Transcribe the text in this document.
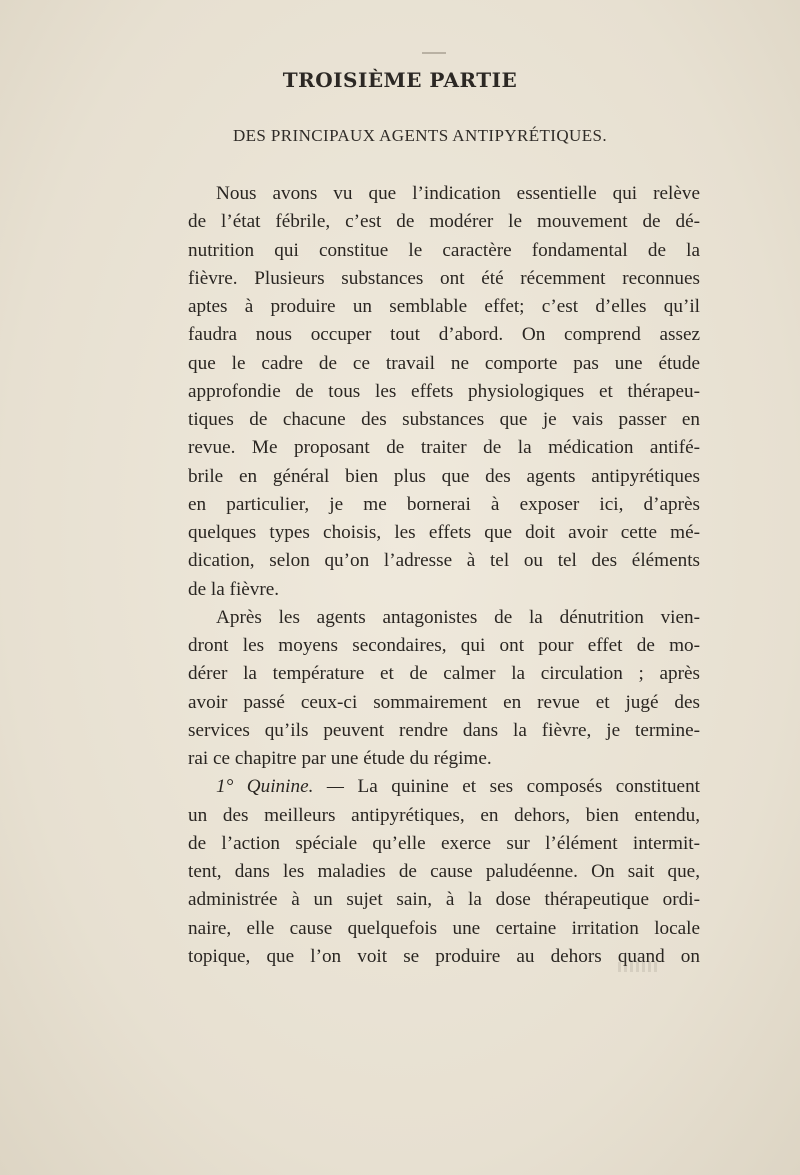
TROISIÈME PARTIE
DES PRINCIPAUX AGENTS ANTIPYRÉTIQUES.
Nous avons vu que l’indication essentielle qui relève
de l’état fébrile, c’est de modérer le mouvement de dé-
nutrition qui constitue le caractère fondamental de la
fièvre. Plusieurs substances ont été récemment reconnues
aptes à produire un semblable effet; c’est d’elles qu’il
faudra nous occuper tout d’abord. On comprend assez
que le cadre de ce travail ne comporte pas une étude
approfondie de tous les effets physiologiques et thérapeu-
tiques de chacune des substances que je vais passer en
revue. Me proposant de traiter de la médication antifé-
brile en général bien plus que des agents antipyrétiques
en particulier, je me bornerai à exposer ici, d’après
quelques types choisis, les effets que doit avoir cette mé-
dication, selon qu’on l’adresse à tel ou tel des éléments
de la fièvre.
Après les agents antagonistes de la dénutrition vien-
dront les moyens secondaires, qui ont pour effet de mo-
dérer la température et de calmer la circulation ; après
avoir passé ceux-ci sommairement en revue et jugé des
services qu’ils peuvent rendre dans la fièvre, je termine-
rai ce chapitre par une étude du régime.
1° Quinine. — La quinine et ses composés constituent
un des meilleurs antipyrétiques, en dehors, bien entendu,
de l’action spéciale qu’elle exerce sur l’élément intermit-
tent, dans les maladies de cause paludéenne. On sait que,
administrée à un sujet sain, à la dose thérapeutique ordi-
naire, elle cause quelquefois une certaine irritation locale
topique, que l’on voit se produire au dehors quand on
